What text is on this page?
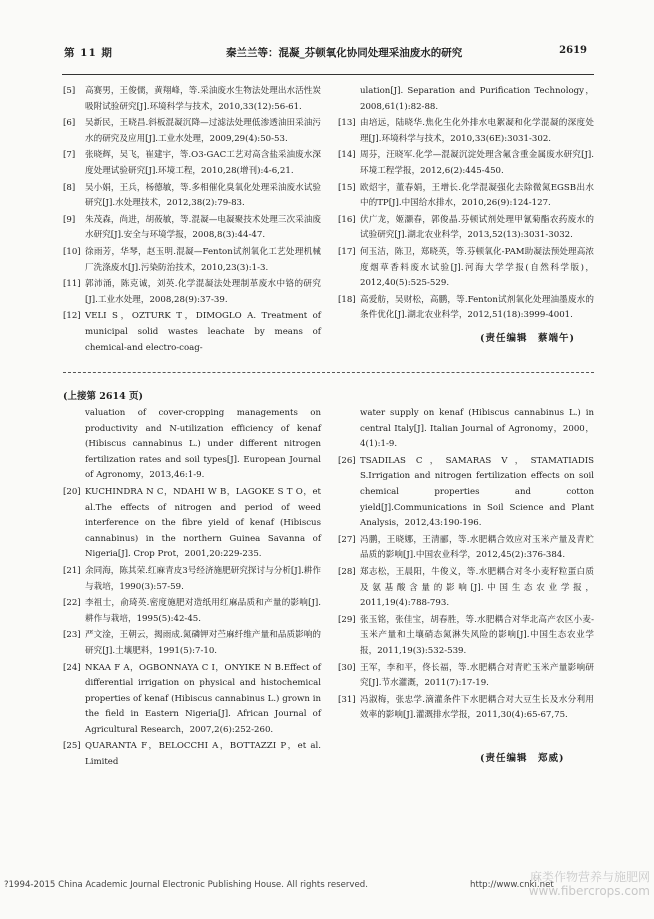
第 11 期	秦兰兰等：混凝_芬顿氧化协同处理采油废水的研究	2619
[5] 高赛男，王俊儒，黄翔峰，等.采油废水生物法处理出水活性炭吸附试验研究[J].环境科学与技术，2010,33(12):56-61.
[6] 吴新民，王晓昌.斜板混凝沉降—过滤法处理低渗透油田采油污水的研究及应用[J].工业水处理，2009,29(4):50-53.
[7] 张晓辉，吴飞，崔建宇，等.O3-GAC工艺对高含盐采油废水深度处理试验研究[J].环境工程，2010,28(增刊):4-6,21.
[8] 吴小娟，王兵，杨德敏，等.多相催化臭氧化处理采油废水试验研究[J].水处理技术，2012,38(2):79-83.
[9] 朱茂森，尚进，胡莜敏，等.混凝—电凝聚技术处理三次采油废水研究[J].安全与环境学报，2008,8(3):44-47.
[10] 徐雨芳，华琴，赵玉明.混凝—Fenton试剂氧化工艺处理机械厂洗涤废水[J].污染防治技术，2010,23(3):1-3.
[11] 郭沛涌，陈克诚，刘英.化学混凝法处理制革废水中铬的研究[J].工业水处理，2008,28(9):37-39.
[12] VELI S，OZTURK T，DIMOGLO A. Treatment of municipal solid wastes leachate by means of chemical-and electro-coag-
ulation[J]. Separation and Purification Technology，2008,61(1):82-88.
[13] 由培远，陆晓华.焦化生化外排水电絮凝和化学混凝的深度处理[J].环境科学与技术，2010,33(6E):3031-302.
[14] 周芬，汪晓军.化学—混凝沉淀处理含氟含重金属废水研究[J].环境工程学报，2012,6(2):445-450.
[15] 欧炤宇，董春娟，王增长.化学混凝强化去除微氮EGSB出水中的TP[J].中国给水排水，2010,26(9):124-127.
[16] 伏广龙，姬灏春，郭俊晶.芬顿试剂处理甲氰菊酯农药废水的试验研究[J].湖北农业科学，2013,52(13):3031-3032.
[17] 何玉洁，陈卫，郑晓英，等.芬顿氧化-PAM助凝法预处理高浓度烟草香料废水试验[J].河海大学学报(自然科学版)，2012,40(5):525-529.
[18] 高爱舫，吴财松，高鹏，等.Fenton试剂氧化处理油墨废水的条件优化[J].湖北农业科学，2012,51(18):3999-4001.
(责任编辑　蔡端午)
(上接第 2614 页)
valuation of cover-cropping managements on productivity and N-utilization efficiency of kenaf (Hibiscus cannabinus L.) under different nitrogen fertilization rates and soil types[J]. European Journal of Agronomy，2013,46:1-9.
[20] KUCHINDRA N C，NDAHI W B，LAGOKE S T O，et al.The effects of nitrogen and period of weed interference on the fibre yield of kenaf (Hibiscus cannabinus) in the northern Guinea Savanna of Nigeria[J]. Crop Prot，2001,20:229-235.
[21] 余同海，陈其荣.红麻青皮3号经济施肥研究探讨与分析[J].耕作与栽培，1990(3):57-59.
[22] 李祖士，俞琦英.密度施肥对造纸用红麻品质和产量的影响[J].耕作与栽培，1995(5):42-45.
[23] 严文淦，王朝云，揭雨成.氮磷钾对苎麻纤维产量和品质影响的研究[J].土壤肥料，1991(5):7-10.
[24] NKAA F A，OGBONNAYA C I，ONYIKE N B.Effect of differential irrigation on physical and histochemical properties of kenaf (Hibiscus cannabinus L.) grown in the field in Eastern Nigeria[J]. African Journal of Agricultural Research，2007,2(6):252-260.
[25] QUARANTA F，BELOCCHI A，BOTTAZZI P，et al. Limited
water supply on kenaf (Hibiscus cannabinus L.) in central Italy[J]. Italian Journal of Agronomy，2000，4(1):1-9.
[26] TSADILAS C，SAMARAS V，STAMATIADIS S.Irrigation and nitrogen fertilization effects on soil chemical properties and cotton yield[J].Communications in Soil Science and Plant Analysis，2012,43:190-196.
[27] 冯鹏，王晓娜，王清郦，等.水肥耦合效应对玉米产量及青贮品质的影响[J].中国农业科学，2012,45(2):376-384.
[28] 郑志松，王晨阳，牛俊义，等.水肥耦合对冬小麦籽粒蛋白质及氨基酸含量的影响[J].中国生态农业学报，2011,19(4):788-793.
[29] 张玉铭，张佳宝，胡春胜，等.水肥耦合对华北高产农区小麦-玉米产量和土壤硝态氮淋失风险的影响[J].中国生态农业学报，2011,19(3):532-539.
[30] 王军，李和平，佟长福，等.水肥耦合对青贮玉米产量影响研究[J].节水灌溉，2011(7):17-19.
[31] 冯淑梅，张忠学.滴灌条件下水肥耦合对大豆生长及水分利用效率的影响[J].灌溉排水学报，2011,30(4):65-67,75.
(责任编辑　郑威)
?1994-2015 China Academic Journal Electronic Publishing House. All rights reserved.	http://www.cnki.net
麻类作物营养与施肥网
www.fibercrops.com
